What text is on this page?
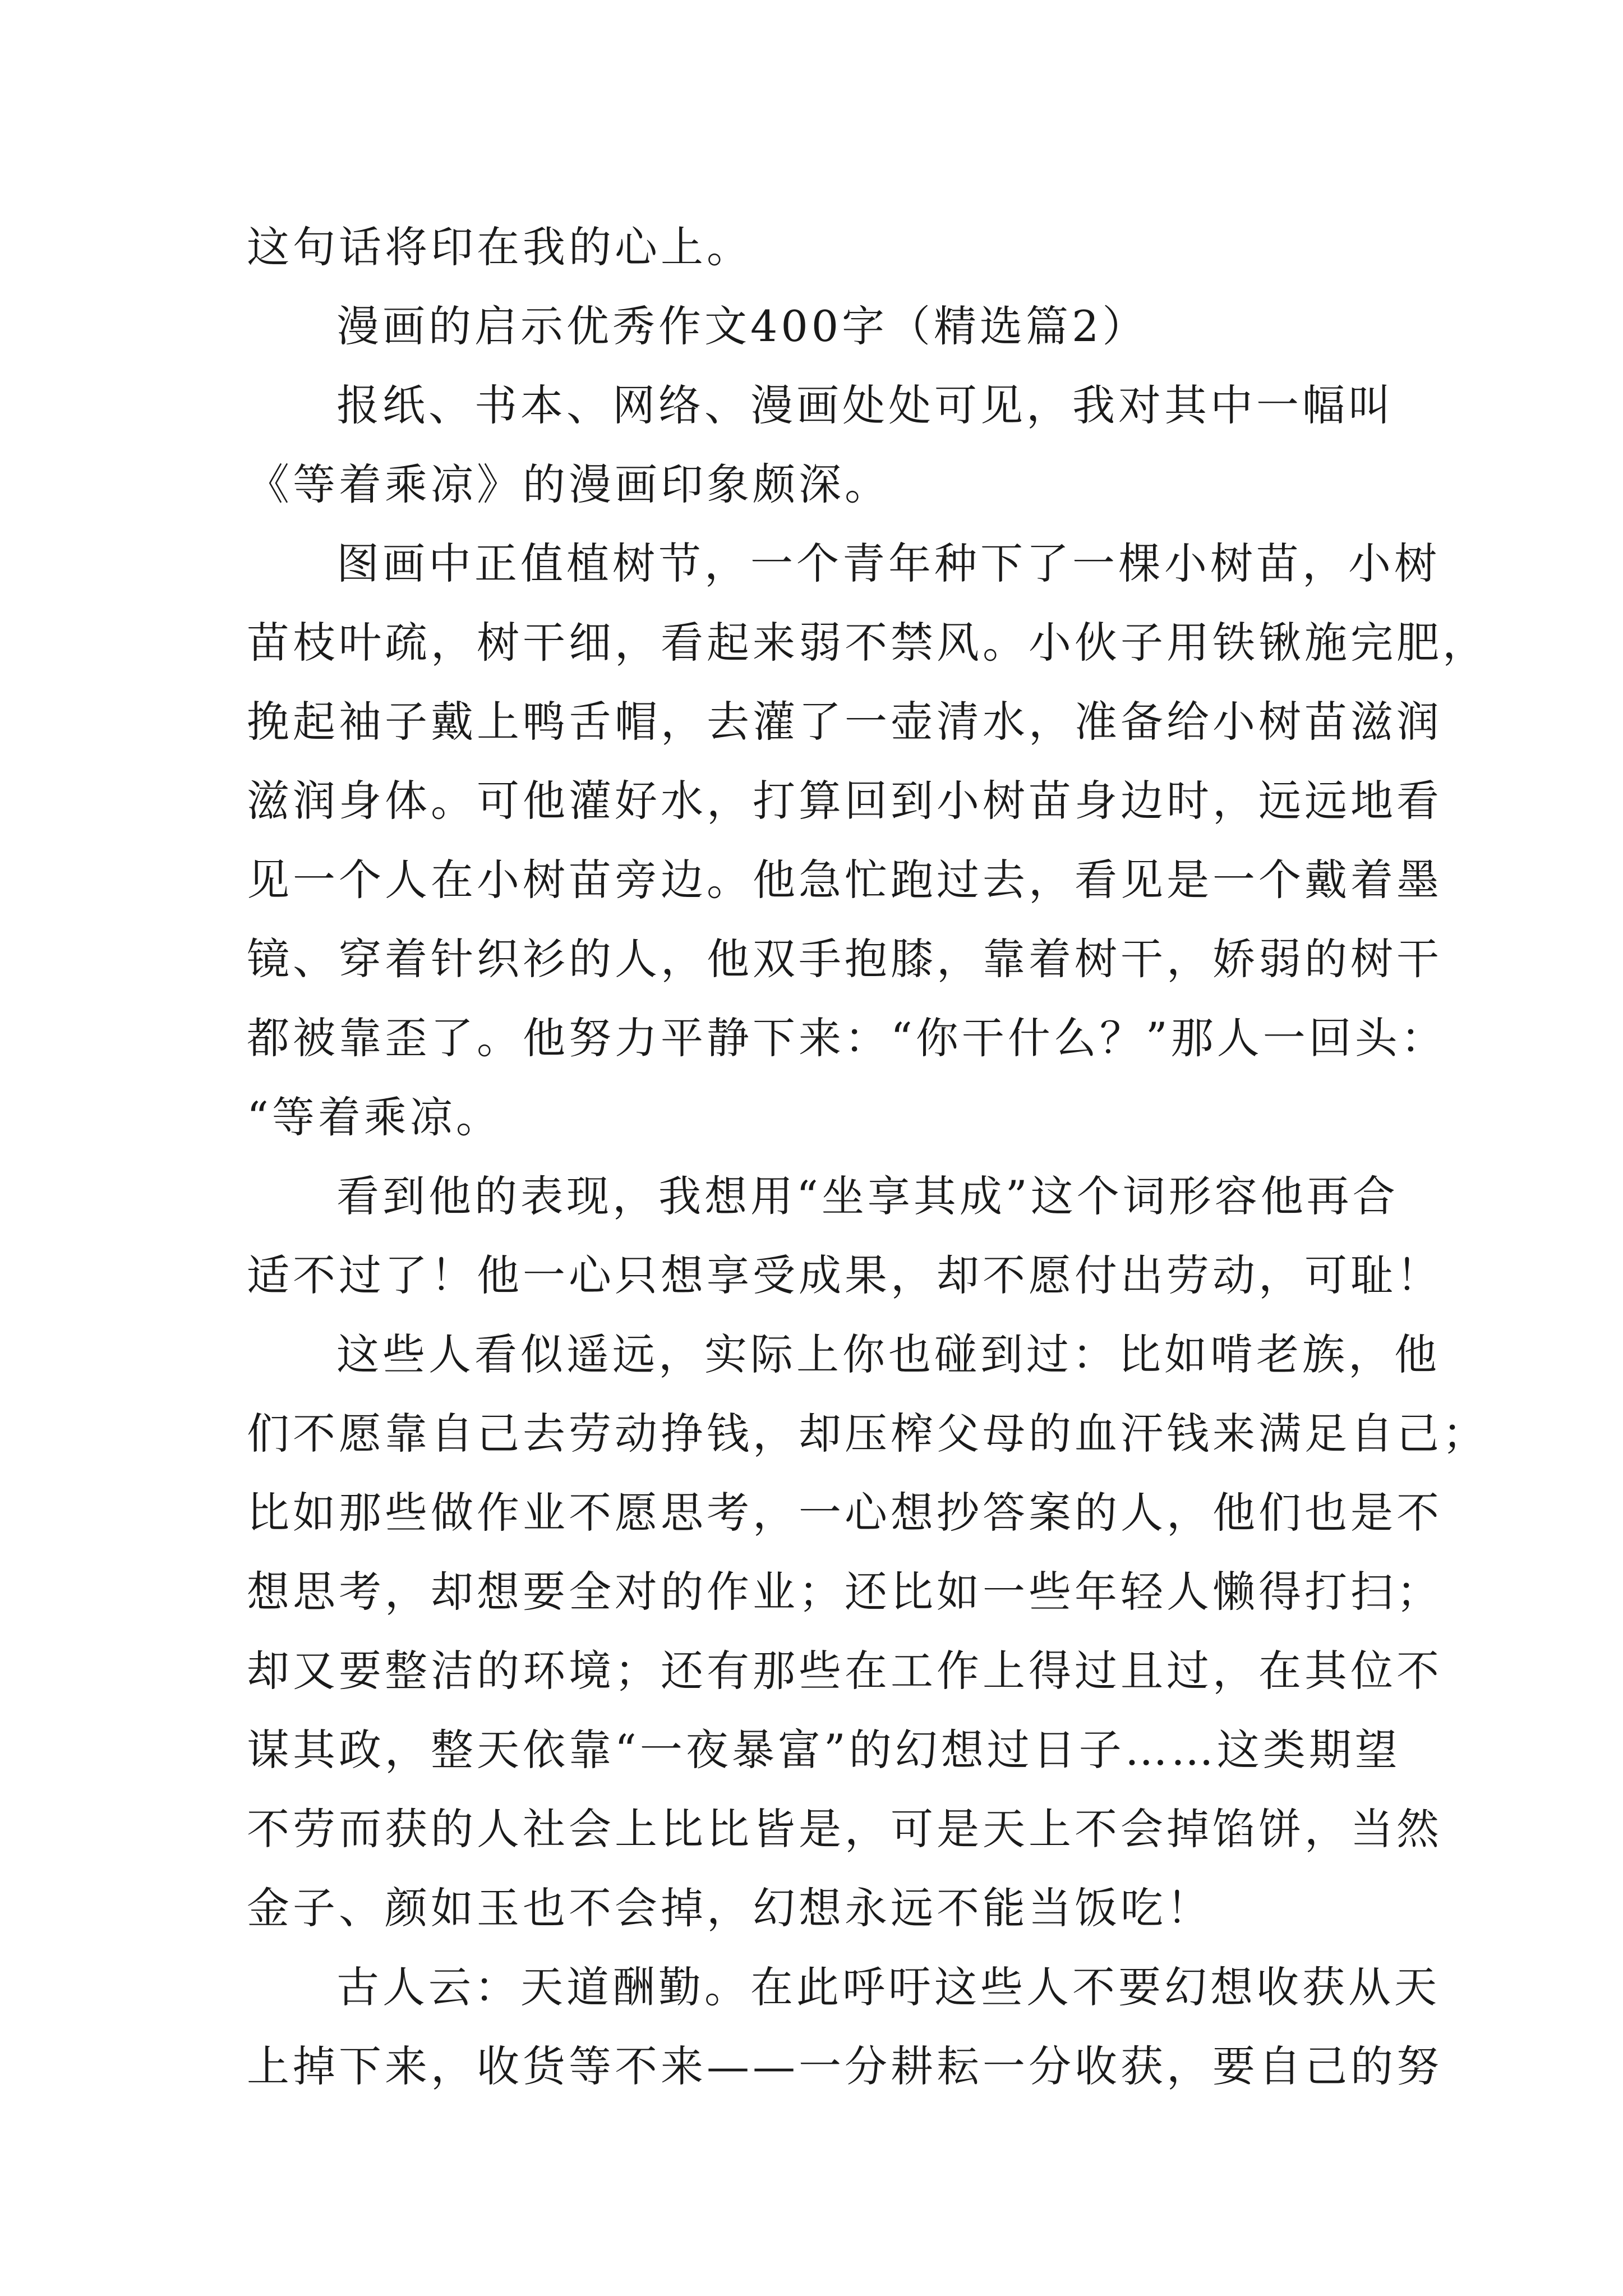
这句话将印在我的心上。
漫画的启示优秀作文400字（精选篇2）
报纸、书本、网络、漫画处处可见，我对其中一幅叫
《等着乘凉》的漫画印象颇深。
图画中正值植树节，一个青年种下了一棵小树苗，小树
苗枝叶疏，树干细，看起来弱不禁风。小伙子用铁锹施完肥，
挽起袖子戴上鸭舌帽，去灌了一壶清水，准备给小树苗滋润
滋润身体。可他灌好水，打算回到小树苗身边时，远远地看
见一个人在小树苗旁边。他急忙跑过去，看见是一个戴着墨
镜、穿着针织衫的人，他双手抱膝，靠着树干，娇弱的树干
都被靠歪了。他努力平静下来：“你干什么？”那人一回头：
“等着乘凉。
看到他的表现，我想用“坐享其成”这个词形容他再合
适不过了！他一心只想享受成果，却不愿付出劳动，可耻！
这些人看似遥远，实际上你也碰到过：比如啃老族，他
们不愿靠自己去劳动挣钱，却压榨父母的血汗钱来满足自己；
比如那些做作业不愿思考，一心想抄答案的人，他们也是不
想思考，却想要全对的作业；还比如一些年轻人懒得打扫；
却又要整洁的环境；还有那些在工作上得过且过，在其位不
谋其政，整天依靠“一夜暴富”的幻想过日子……这类期望
不劳而获的人社会上比比皆是，可是天上不会掉馅饼，当然
金子、颜如玉也不会掉，幻想永远不能当饭吃！
古人云：天道酬勤。在此呼吁这些人不要幻想收获从天
上掉下来，收货等不来——一分耕耘一分收获，要自己的努
